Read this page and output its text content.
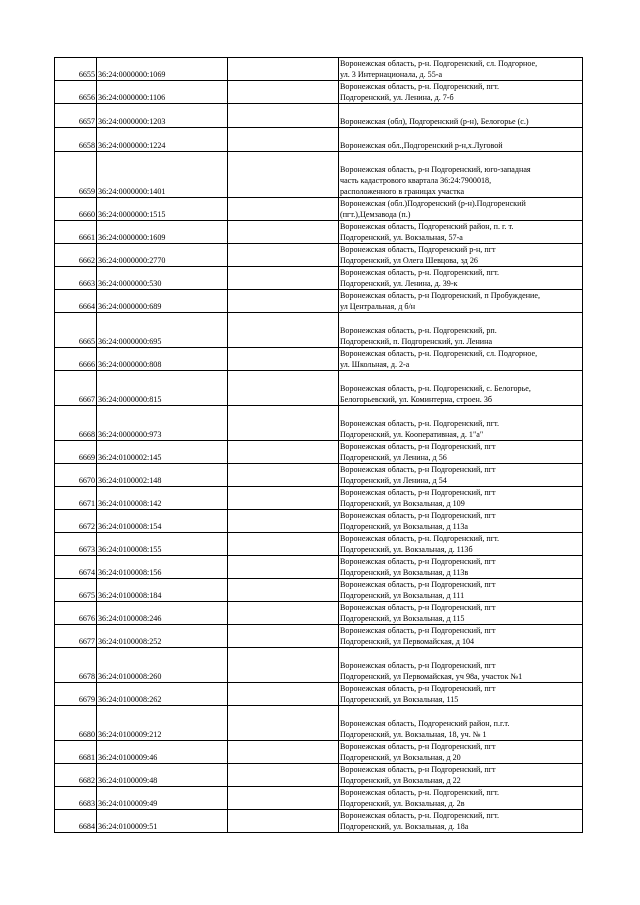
6655	36:24:0000000:1069		Воронежская область, р-н. Подгоренский, сл. Подгорное,
ул. 3 Интернационала, д. 55-а

6656	36:24:0000000:1106		Воронежская область, р-н. Подгоренский, пгт.
Подгоренский, ул. Ленина, д. 7-б

6657	36:24:0000000:1203		Воронежская (обл), Подгоренский (р-н), Белогорье (с.)

6658	36:24:0000000:1224		Воронежская обл.,Подгоренский р-н,х.Луговой

6659	36:24:0000000:1401		Воронежская область, р-н Подгоренский, юго-западная
часть кадастрового квартала 36:24:7900018,
расположенного в границах участка

6660	36:24:0000000:1515		Воронежская (обл.)Подгоренский (р-н).Подгоренский
(пгт.),Цемзавода (п.)

6661	36:24:0000000:1609		Воронежская область, Подгоренский район, п. г. т.
Подгоренский, ул. Вокзальная, 57-а

6662	36:24:0000000:2770		Воронежская область, Подгоренский р-н, пгт
Подгоренский, ул Олега Шевцова, зд 26

6663	36:24:0000000:530		Воронежская область, р-н. Подгоренский, пгт.
Подгоренский, ул. Ленина, д. 39-к

6664	36:24:0000000:689		Воронежская область, р-н Подгоренский, п Пробуждение,
ул Центральная, д б/н

6665	36:24:0000000:695		Воронежская область, р-н. Подгоренский, рп.
Подгоренский, п. Подгоренский, ул. Ленина

6666	36:24:0000000:808		Воронежская область, р-н. Подгоренский, сл. Подгорное,
ул. Школьная, д. 2-а

6667	36:24:0000000:815		Воронежская область, р-н. Подгоренский, с. Белогорье,
Белогорьевский, ул. Коминтерна, строен. 3б

6668	36:24:0000000:973		Воронежская область, р-н. Подгоренский, пгт.
Подгоренский, ул. Кооперативная, д. 1"а"

6669	36:24:0100002:145		Воронежская область, р-н Подгоренский, пгт
Подгоренский, ул Ленина, д 56

6670	36:24:0100002:148		Воронежская область, р-н Подгоренский, пгт
Подгоренский, ул Ленина, д 54

6671	36:24:0100008:142		Воронежская область, р-н Подгоренский, пгт
Подгоренский, ул Вокзальная, д 109

6672	36:24:0100008:154		Воронежская область, р-н Подгоренский, пгт
Подгоренский, ул Вокзальная, д 113а

6673	36:24:0100008:155		Воронежская область, р-н. Подгоренский, пгт.
Подгоренский, ул. Вокзальная, д. 113б

6674	36:24:0100008:156		Воронежская область, р-н Подгоренский, пгт
Подгоренский, ул Вокзальная, д 113в

6675	36:24:0100008:184		Воронежская область, р-н Подгоренский, пгт
Подгоренский, ул Вокзальная, д 111

6676	36:24:0100008:246		Воронежская область, р-н Подгоренский, пгт
Подгоренский, ул Вокзальная, д 115

6677	36:24:0100008:252		Воронежская область, р-н Подгоренский, пгт
Подгоренский, ул Первомайская, д 104

6678	36:24:0100008:260		Воронежская область, р-н Подгоренский, пгт
Подгоренский, ул Первомайская, уч 98а, участок №1

6679	36:24:0100008:262		Воронежская область, р-н Подгоренский, пгт
Подгоренский, ул Вокзальная, 115

6680	36:24:0100009:212		Воронежская область, Подгоренский район, п.г.т.
Подгоренский, ул. Вокзальная, 18, уч. № 1

6681	36:24:0100009:46		Воронежская область, р-н Подгоренский, пгт
Подгоренский, ул Вокзальная, д 20

6682	36:24:0100009:48		Воронежская область, р-н Подгоренский, пгт
Подгоренский, ул Вокзальная, д 22

6683	36:24:0100009:49		Воронежская область, р-н. Подгоренский, пгт.
Подгоренский, ул. Вокзальная, д. 2в

6684	36:24:0100009:51		Воронежская область, р-н. Подгоренский, пгт.
Подгоренский, ул. Вокзальная, д. 18а
